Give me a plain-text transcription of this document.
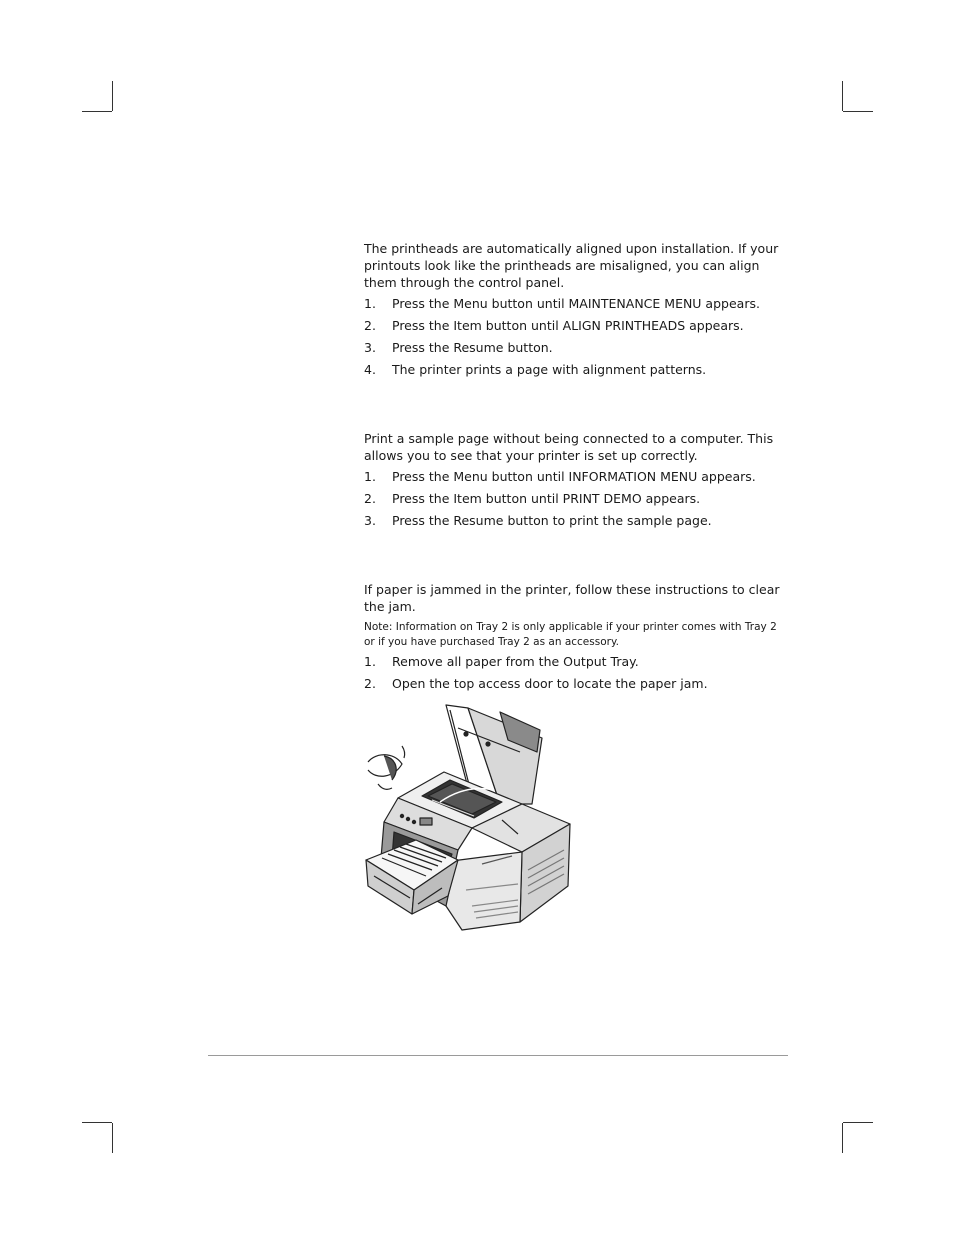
The printheads are automatically aligned upon installation. If your printouts look like the printheads are misaligned, you can align them through the control panel.

1.	Press the Menu button until MAINTENANCE MENU appears.
2.	Press the Item button until ALIGN PRINTHEADS appears.
3.	Press the Resume button.
4.	The printer prints a page with alignment patterns.

Print a sample page without being connected to a computer. This allows you to see that your printer is set up correctly.

1.	Press the Menu button until INFORMATION MENU appears.
2.	Press the Item button until PRINT DEMO appears.
3.	Press the Resume button to print the sample page.

If paper is jammed in the printer, follow these instructions to clear the jam.

Note: Information on Tray 2 is only applicable if your printer comes with Tray 2 or if you have purchased Tray 2 as an accessory.

1.	Remove all paper from the Output Tray.
2.	Open the top access door to locate the paper jam.
